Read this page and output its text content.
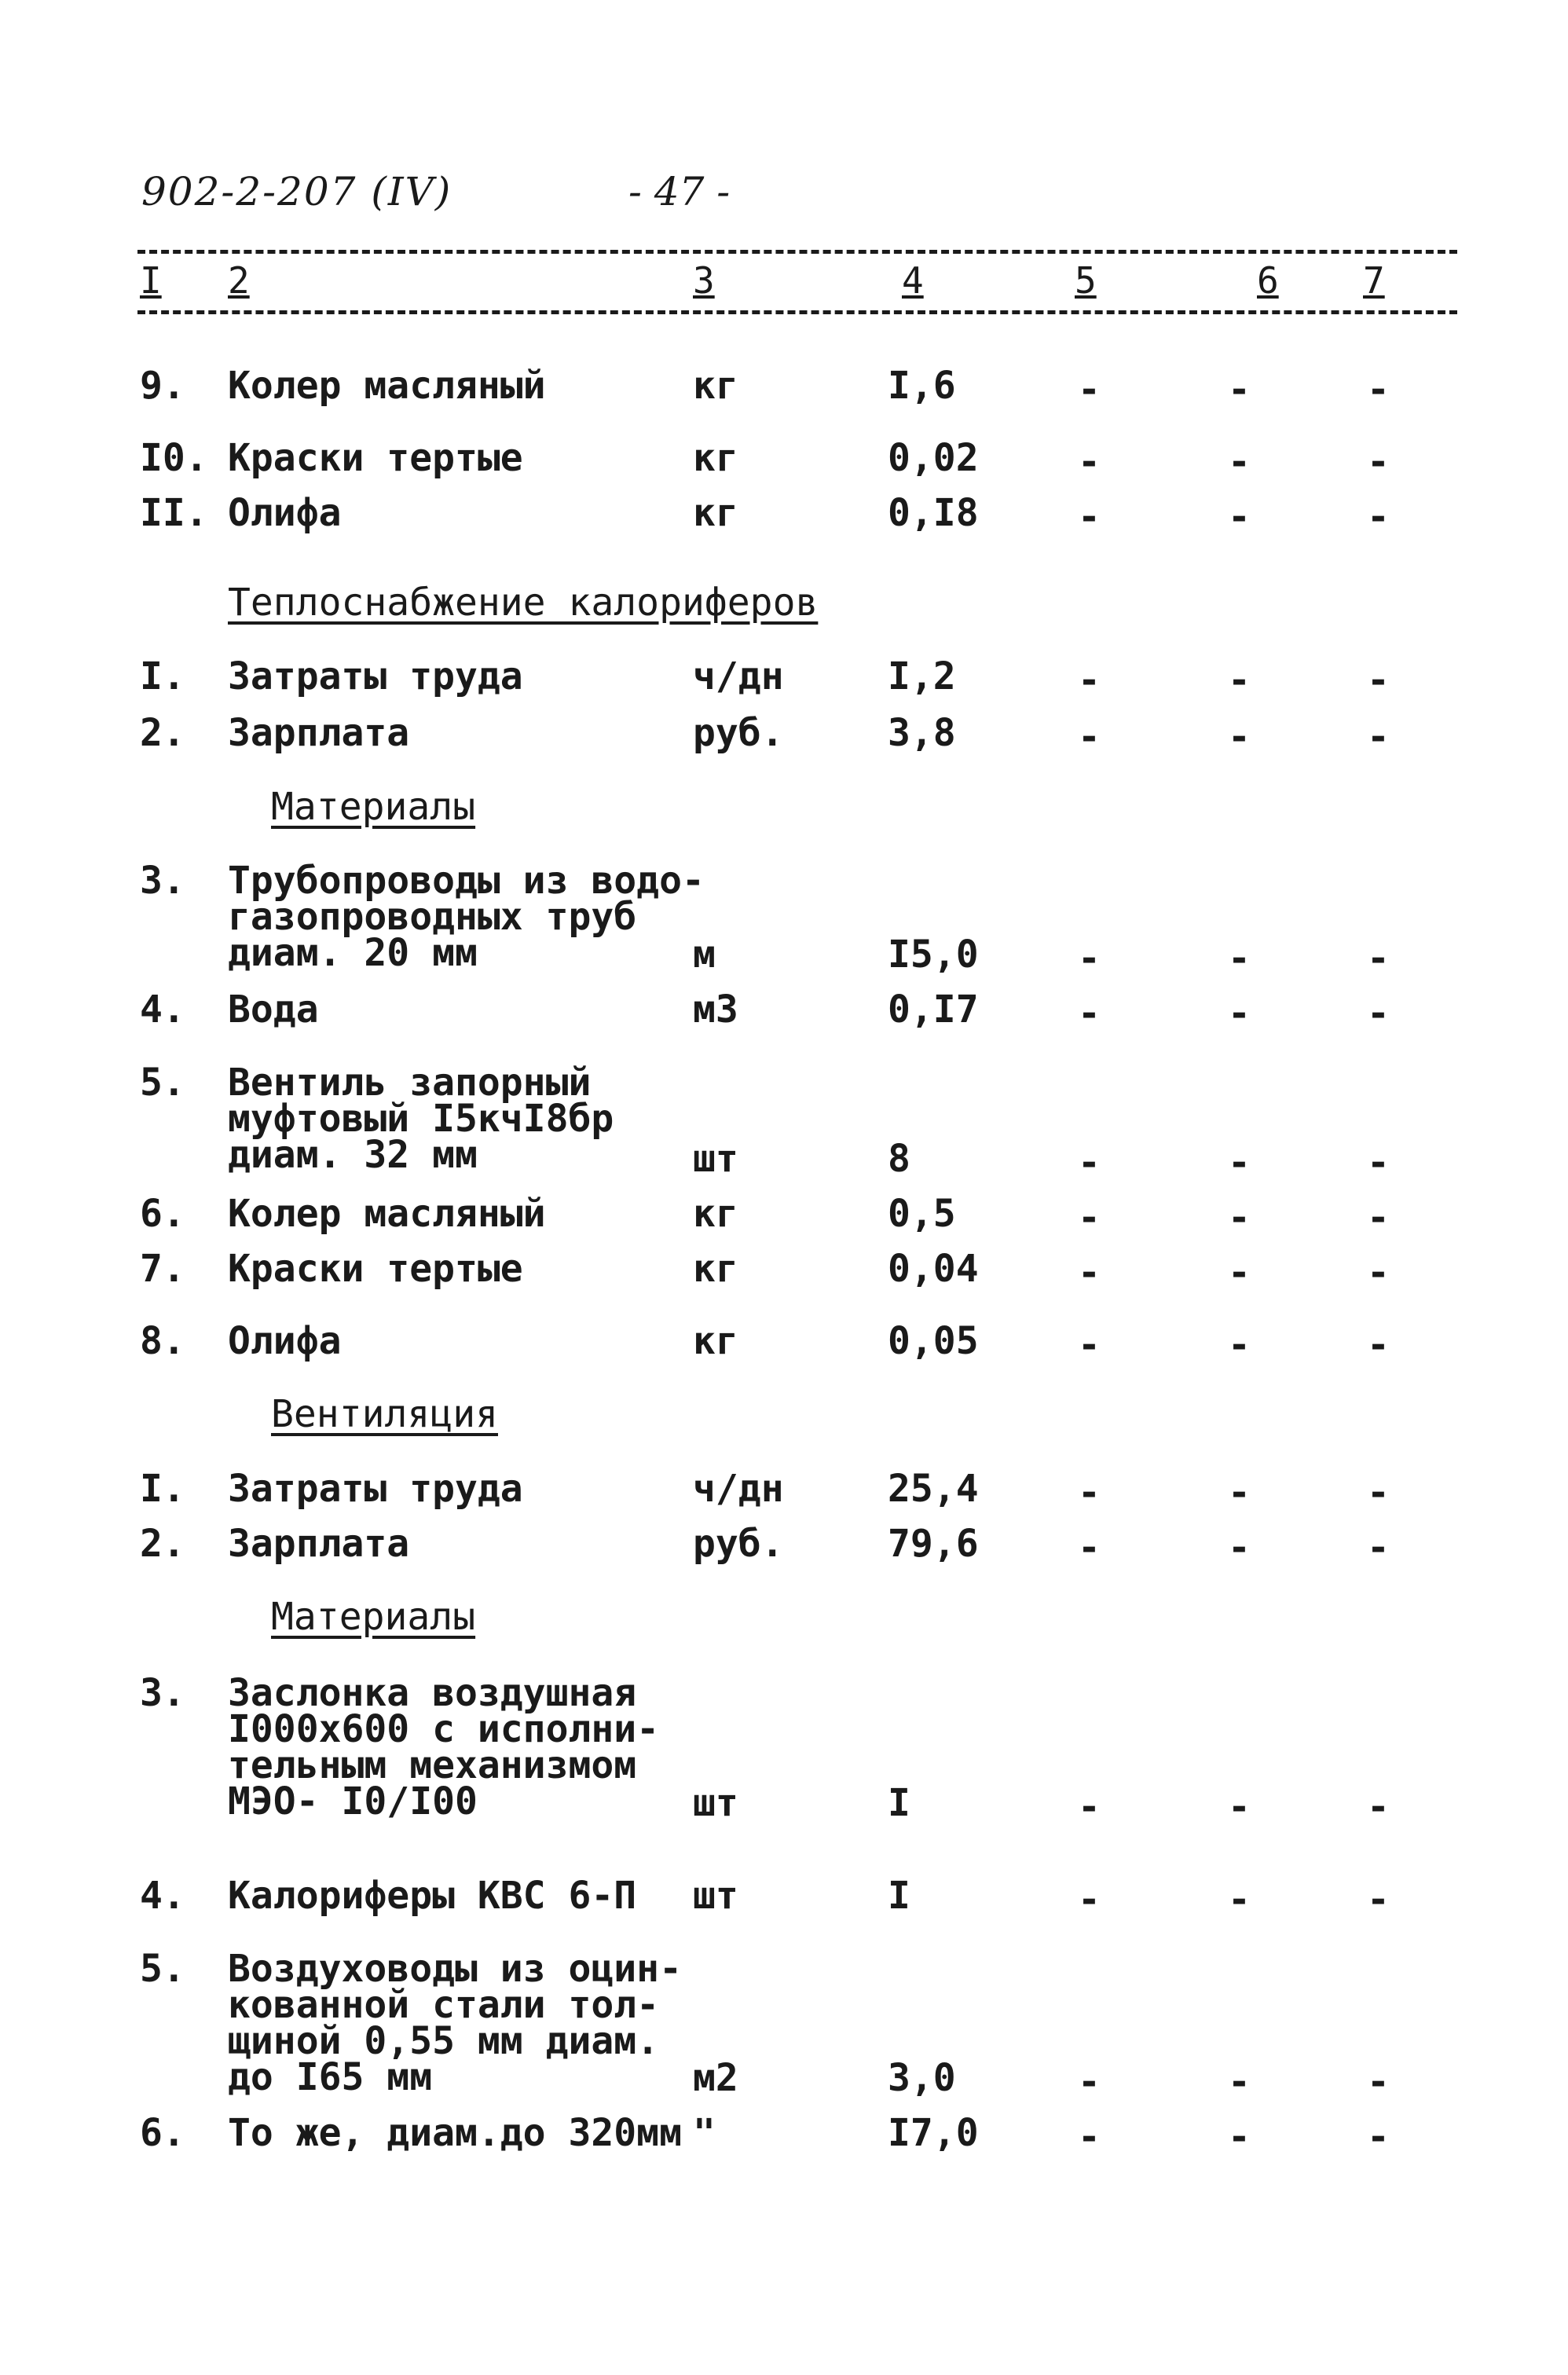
902-2-207 (IV)	- 47 -
I 2	3	4	5	6 7
9. Колер масляный	кг	I,6	-	-	-
I0. Краски тертые	кг	0,02	-	-	-
II. Олифа	кг	0,I8	-	-	-
Теплоснабжение калориферов
I. Затраты труда	ч/дн	I,2	-	-	-
2. Зарплата	руб.	3,8	-	-	-
Материалы
3. Трубопроводы из водо-
газопроводных труб
диам. 20 мм	м	I5,0	-	-	-
4. Вода	м3	0,I7	-	-	-
5. Вентиль запорный
муфтовый I5кчI8бр
диам. 32 мм	шт	8	-	-	-
6. Колер масляный	кг	0,5	-	-	-
7. Краски тертые	кг	0,04	-	-	-
8. Олифа	кг	0,05	-	-	-
Вентиляция
I. Затраты труда	ч/дн	25,4	-	-	-
2. Зарплата	руб.	79,6	-	-	-
Материалы
3. Заслонка воздушная
I000х600 с исполни-
тельным механизмом
МЭО- I0/I00	шт	I	-	-	-
4. Калориферы КВС 6-П шт	I	-	-	-
5. Воздуховоды из оцин-
кованной стали тол-
щиной 0,55 мм диам.
до I65 мм	м2	3,0	-	-	-
6. То же, диам.до 320мм "	I7,0	-	-	-
